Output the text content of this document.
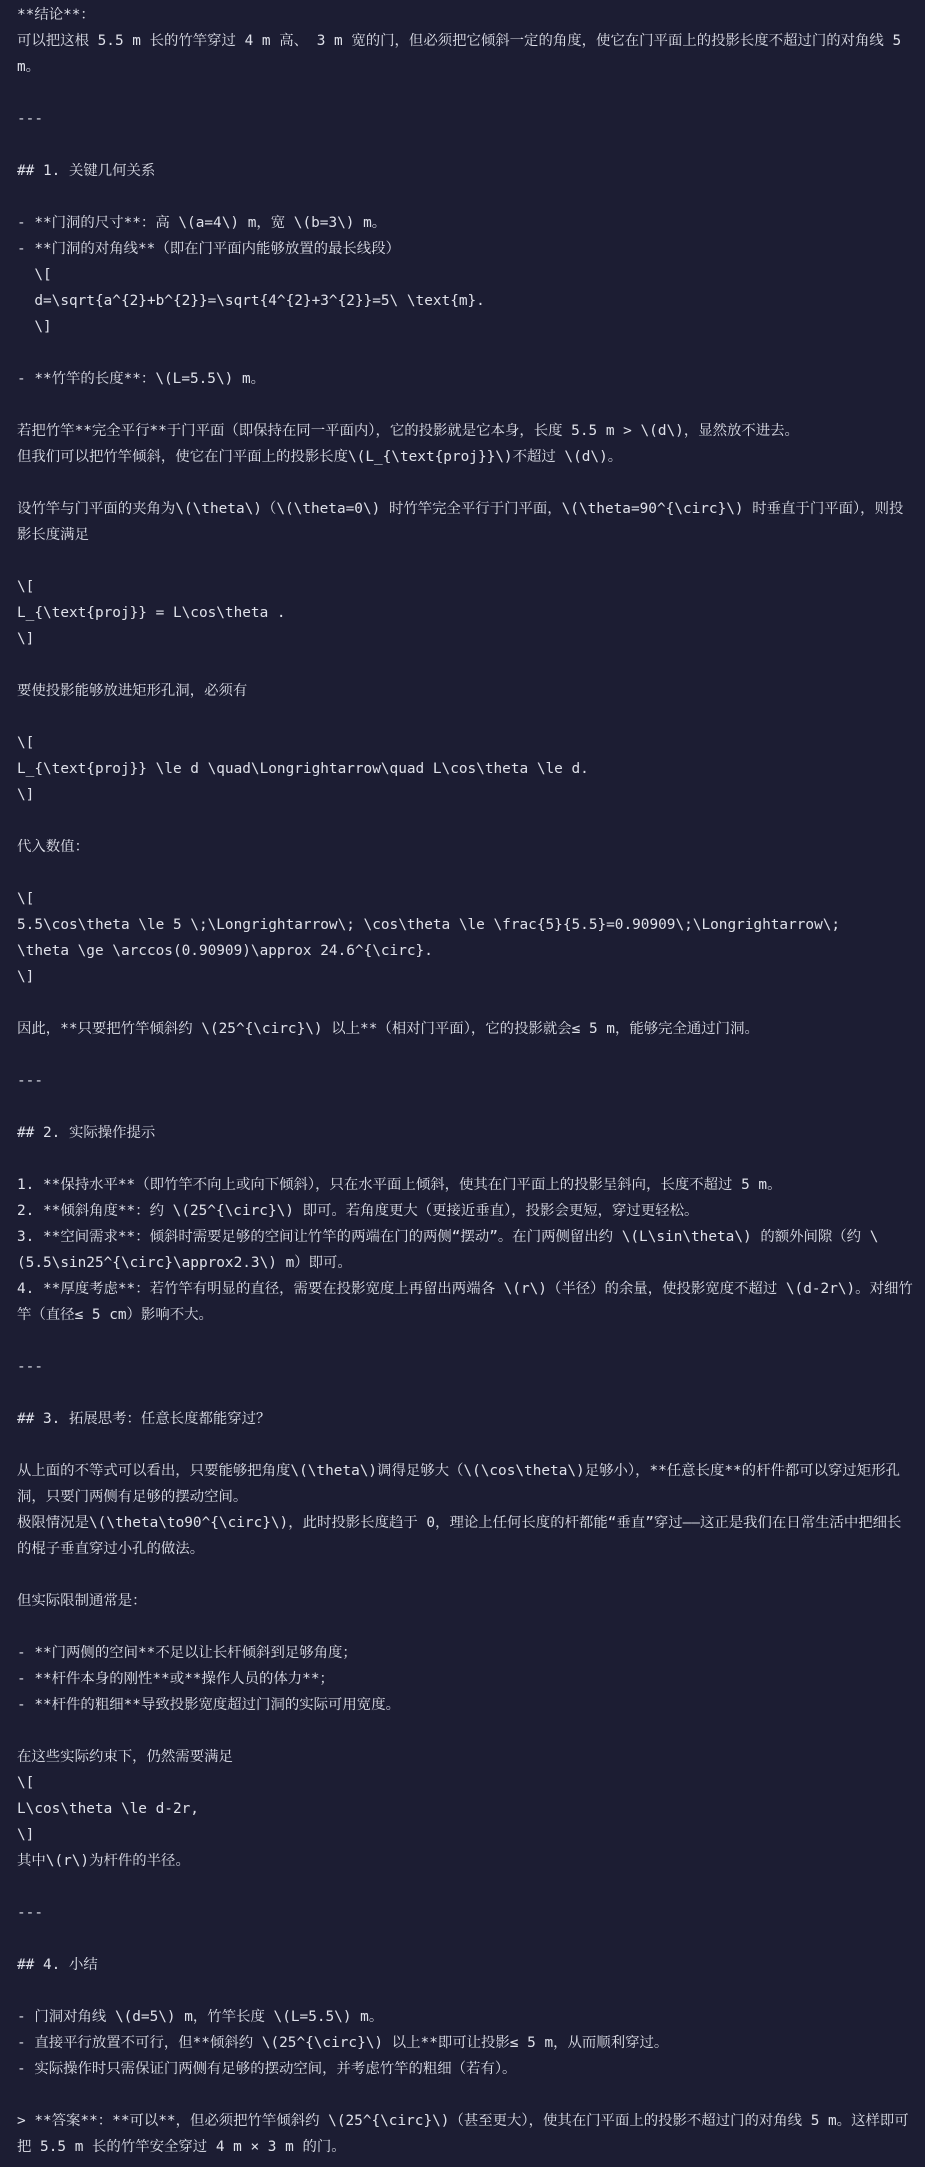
**结论**：
可以把这根 5.5 m 长的竹竿穿过 4 m 高、 3 m 宽的门，但必须把它倾斜一定的角度，使它在门平面上的投影长度不超过门的对角线 5 m。
---
## 1. 关键几何关系
- **门洞的尺寸**：高 \(a=4\) m，宽 \(b=3\) m。
- **门洞的对角线**（即在门平面内能够放置的最长线段）
\[
d=\sqrt{a^{2}+b^{2}}=\sqrt{4^{2}+3^{2}}=5\ \text{m}.
\]
- **竹竿的长度**：\(L=5.5\) m。
若把竹竿**完全平行**于门平面（即保持在同一平面内），它的投影就是它本身，长度 5.5 m > \(d\)，显然放不进去。
但我们可以把竹竿倾斜，使它在门平面上的投影长度\(L_{\text{proj}}\)不超过 \(d\)。
设竹竿与门平面的夹角为\(\theta\)（\(\theta=0\) 时竹竿完全平行于门平面，\(\theta=90^{\circ}\) 时垂直于门平面），则投影长度满足
\[
L_{\text{proj}} = L\cos\theta .
\]
要使投影能够放进矩形孔洞，必须有
\[
L_{\text{proj}} \le d \quad\Longrightarrow\quad L\cos\theta \le d.
\]
代入数值：
\[
5.5\cos\theta \le 5 \;\Longrightarrow\; \cos\theta \le \frac{5}{5.5}=0.90909\;\Longrightarrow\;
\theta \ge \arccos(0.90909)\approx 24.6^{\circ}.
\]
因此，**只要把竹竿倾斜约 \(25^{\circ}\) 以上**（相对门平面），它的投影就会≤ 5 m，能够完全通过门洞。
---
## 2. 实际操作提示
1. **保持水平**（即竹竿不向上或向下倾斜），只在水平面上倾斜，使其在门平面上的投影呈斜向，长度不超过 5 m。
2. **倾斜角度**：约 \(25^{\circ}\) 即可。若角度更大（更接近垂直），投影会更短，穿过更轻松。
3. **空间需求**：倾斜时需要足够的空间让竹竿的两端在门的两侧“摆动”。在门两侧留出约 \(L\sin\theta\) 的额外间隙（约 \(5.5\sin25^{\circ}\approx2.3\) m）即可。
4. **厚度考虑**：若竹竿有明显的直径，需要在投影宽度上再留出两端各 \(r\)（半径）的余量，使投影宽度不超过 \(d-2r\)。对细竹竿（直径≤ 5 cm）影响不大。
---
## 3. 拓展思考：任意长度都能穿过？
从上面的不等式可以看出，只要能够把角度\(\theta\)调得足够大（\(\cos\theta\)足够小），**任意长度**的杆件都可以穿过矩形孔洞，只要门两侧有足够的摆动空间。
极限情况是\(\theta\to90^{\circ}\)，此时投影长度趋于 0，理论上任何长度的杆都能“垂直”穿过——这正是我们在日常生活中把细长的棍子垂直穿过小孔的做法。
但实际限制通常是：
- **门两侧的空间**不足以让长杆倾斜到足够角度；
- **杆件本身的刚性**或**操作人员的体力**；
- **杆件的粗细**导致投影宽度超过门洞的实际可用宽度。
在这些实际约束下，仍然需要满足
\[
L\cos\theta \le d-2r,
\]
其中\(r\)为杆件的半径。
---
## 4. 小结
- 门洞对角线 \(d=5\) m，竹竿长度 \(L=5.5\) m。
- 直接平行放置不可行，但**倾斜约 \(25^{\circ}\) 以上**即可让投影≤ 5 m，从而顺利穿过。
- 实际操作时只需保证门两侧有足够的摆动空间，并考虑竹竿的粗细（若有）。
> **答案**：**可以**，但必须把竹竿倾斜约 \(25^{\circ}\)（甚至更大），使其在门平面上的投影不超过门的对角线 5 m。这样即可把 5.5 m 长的竹竿安全穿过 4 m × 3 m 的门。
